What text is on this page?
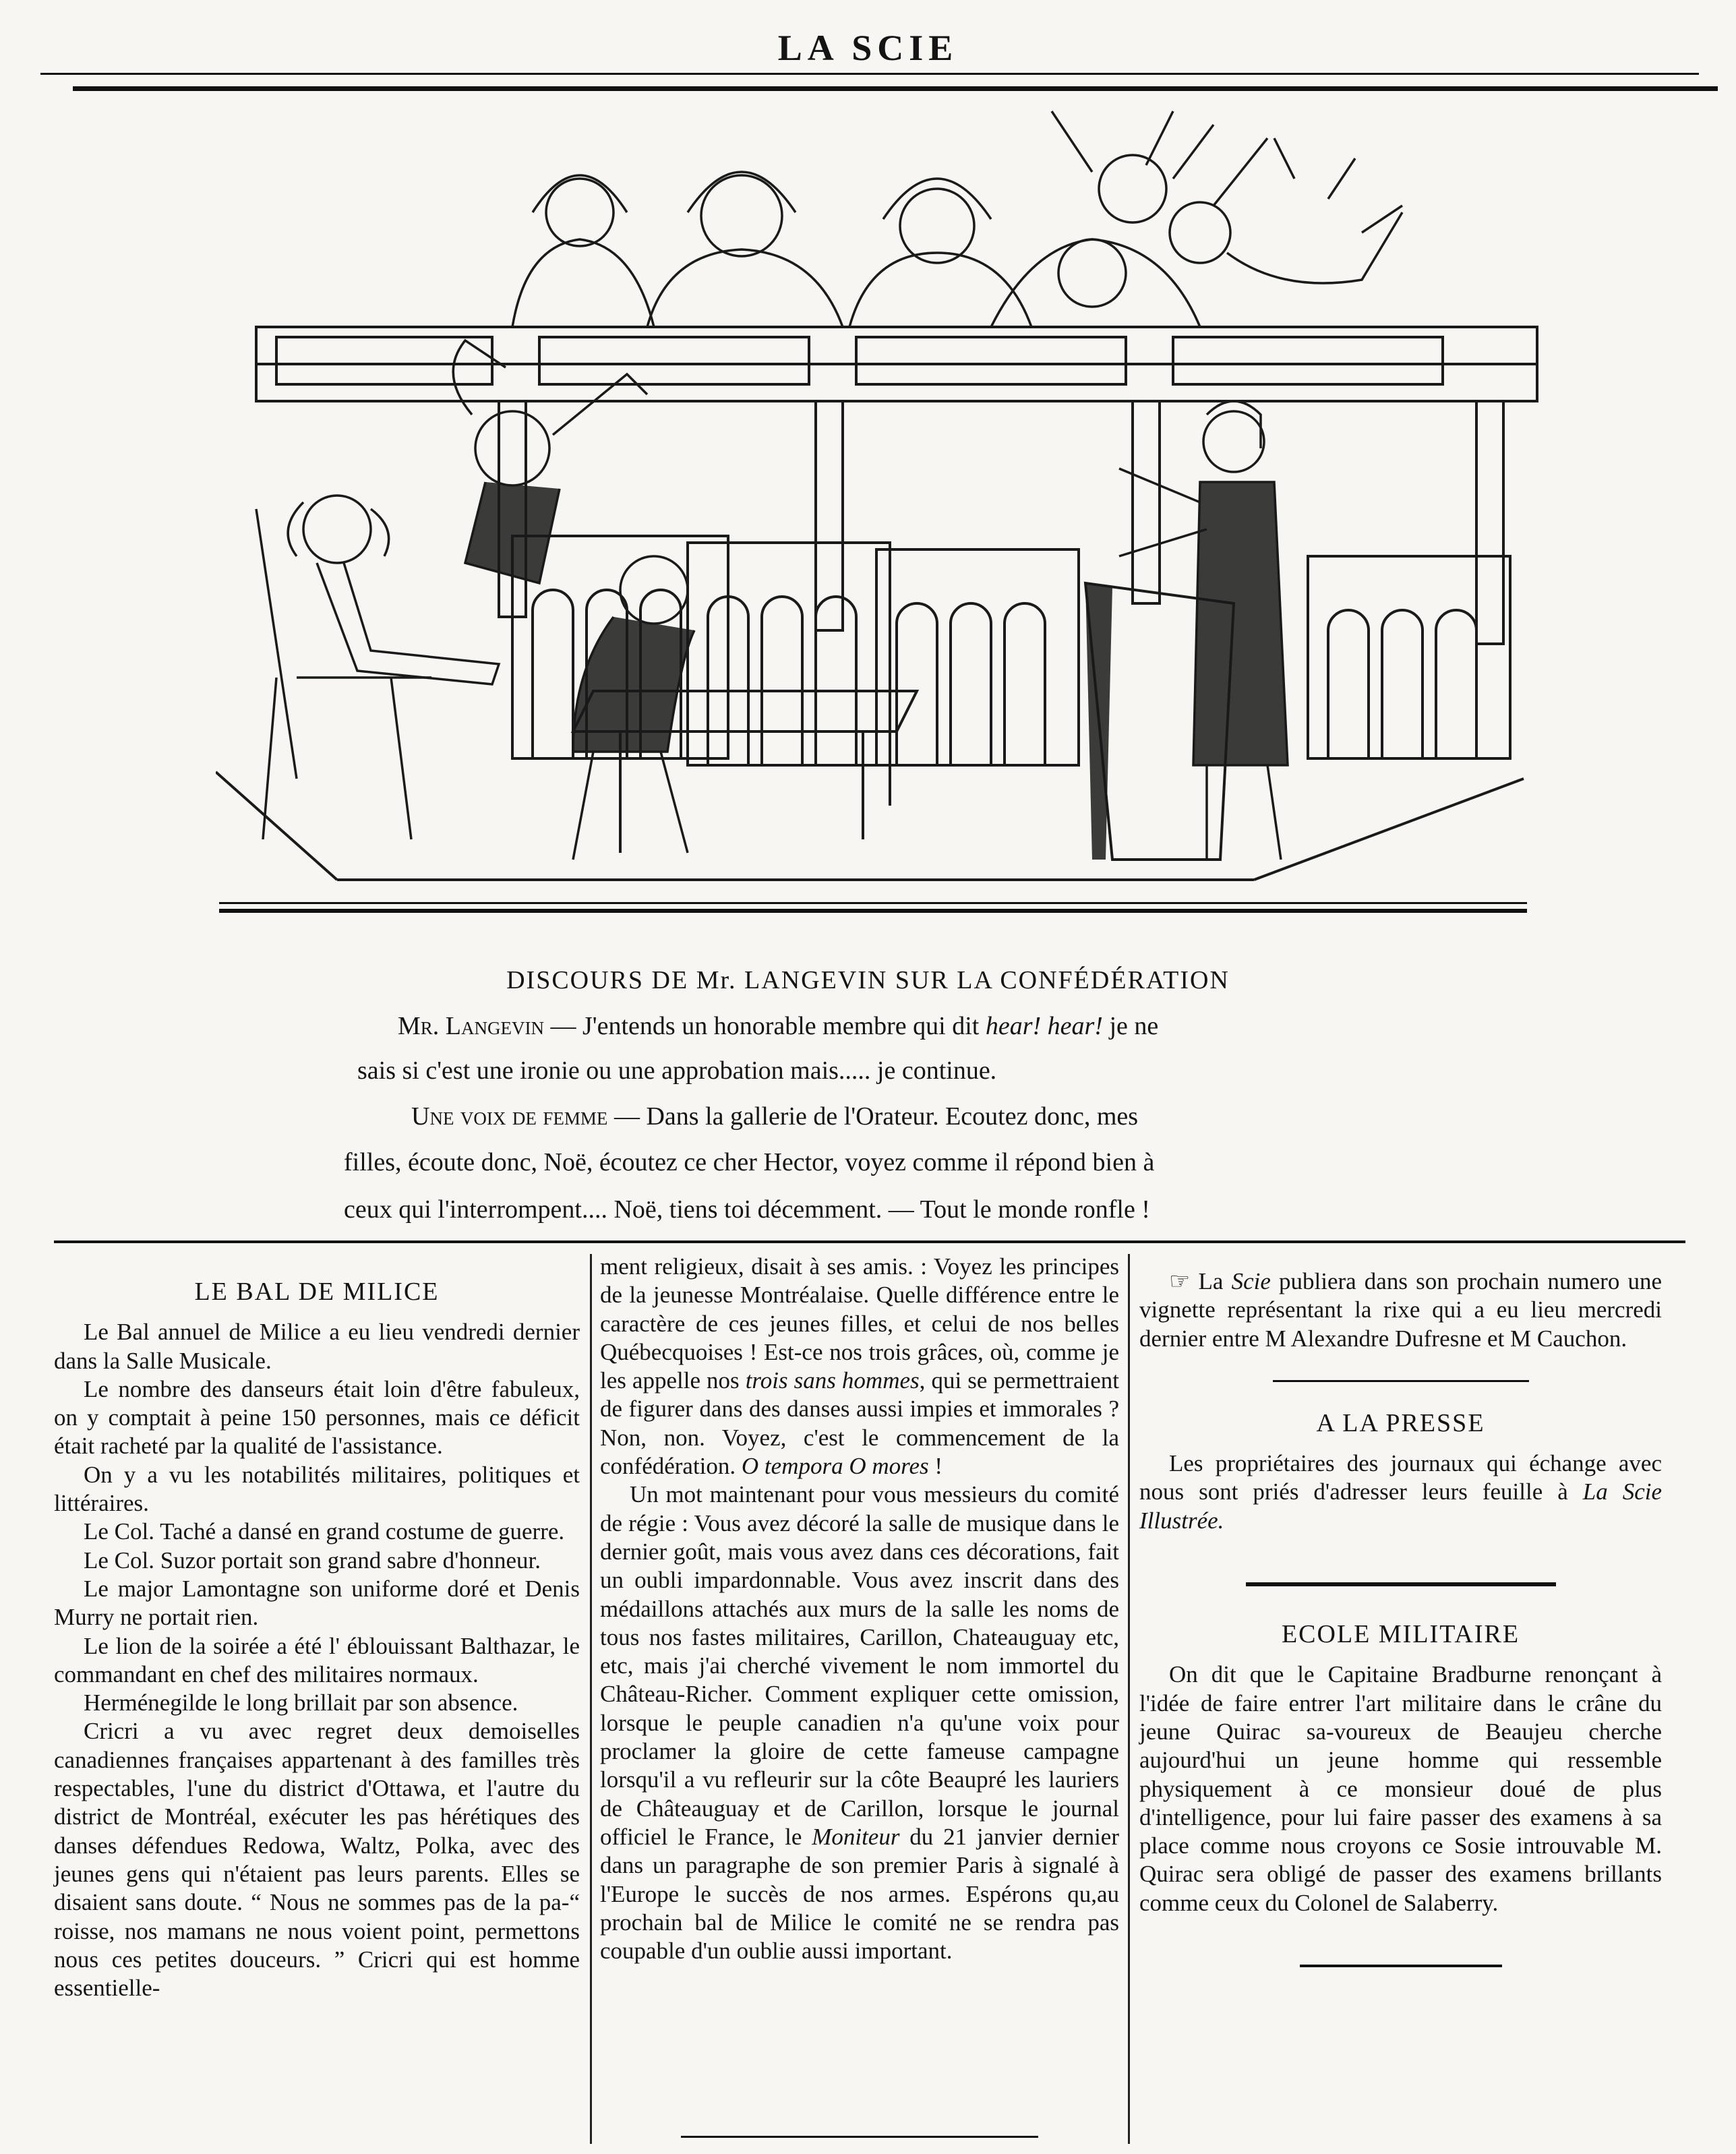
LA SCIE
DISCOURS DE Mr. LANGEVIN SUR LA CONFÉDÉRATION
Mr. Langevin — J'entends un honorable membre qui dit hear! hear! je ne
sais si c'est une ironie ou une approbation mais..... je continue.
Une voix de femme — Dans la gallerie de l'Orateur. Ecoutez donc, mes
filles, écoute donc, Noë, écoutez ce cher Hector, voyez comme il répond bien à
ceux qui l'interrompent.... Noë, tiens toi décemment. — Tout le monde ronfle !
LE BAL DE MILICE

Le Bal annuel de Milice a eu lieu vendredi dernier dans la Salle Musicale.

Le nombre des danseurs était loin d'être fabuleux, on y comptait à peine 150 personnes, mais ce déficit était racheté par la qualité de l'assistance.

On y a vu les notabilités militaires, politiques et littéraires.

Le Col. Taché a dansé en grand costume de guerre.

Le Col. Suzor portait son grand sabre d'honneur.

Le major Lamontagne son uniforme doré et Denis Murry ne portait rien.

Le lion de la soirée a été l' éblouissant Balthazar, le commandant en chef des militaires normaux.

Herménegilde le long brillait par son absence.

Cricri a vu avec regret deux demoiselles canadiennes françaises appartenant à des familles très respectables, l'une du district d'Ottawa, et l'autre du district de Montréal, exécuter les pas hérétiques des danses défendues Redowa, Waltz, Polka, avec des jeunes gens qui n'étaient pas leurs parents. Elles se disaient sans doute. “ Nous ne sommes pas de la pa-“ roisse, nos mamans ne nous voient point, permettons nous ces petites douceurs. ” Cricri qui est homme essentielle-

ment religieux, disait à ses amis. : Voyez les principes de la jeunesse Montréalaise. Quelle différence entre le caractère de ces jeunes filles, et celui de nos belles Québecquoises ! Est-ce nos trois grâces, où, comme je les appelle nos trois sans hommes, qui se permettraient de figurer dans des danses aussi impies et immorales ? Non, non. Voyez, c'est le commencement de la confédération. O tempora O mores !

Un mot maintenant pour vous messieurs du comité de régie : Vous avez décoré la salle de musique dans le dernier goût, mais vous avez dans ces décorations, fait un oubli impardonnable. Vous avez inscrit dans des médaillons attachés aux murs de la salle les noms de tous nos fastes militaires, Carillon, Chateauguay etc, etc, mais j'ai cherché vivement le nom immortel du Château-Richer. Comment expliquer cette omission, lorsque le peuple canadien n'a qu'une voix pour proclamer la gloire de cette fameuse campagne lorsqu'il a vu refleurir sur la côte Beaupré les lauriers de Châteauguay et de Carillon, lorsque le journal officiel le France, le Moniteur du 21 janvier dernier dans un paragraphe de son premier Paris à signalé à l'Europe le succès de nos armes. Espérons qu,au prochain bal de Milice le comité ne se rendra pas coupable d'un oublie aussi important.

☞ La Scie publiera dans son prochain numero une vignette représentant la rixe qui a eu lieu mercredi dernier entre M Alexandre Dufresne et M Cauchon.

A LA PRESSE

Les propriétaires des journaux qui échange avec nous sont priés d'adresser leurs feuille à La Scie Illustrée.

ECOLE MILITAIRE

On dit que le Capitaine Bradburne renonçant à l'idée de faire entrer l'art militaire dans le crâne du jeune Quirac sa-voureux de Beaujeu cherche aujourd'hui un jeune homme qui ressemble physiquement à ce monsieur doué de plus d'intelligence, pour lui faire passer des examens à sa place comme nous croyons ce Sosie introuvable M. Quirac sera obligé de passer des examens brillants comme ceux du Colonel de Salaberry.
